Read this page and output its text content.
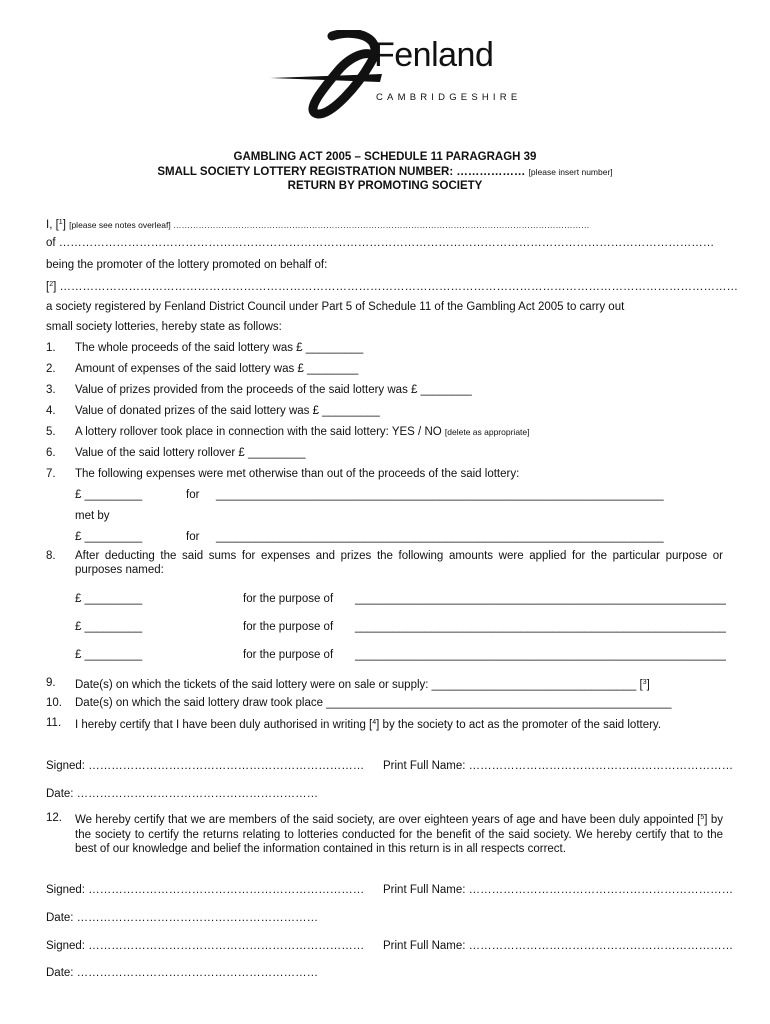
Fenland
CAMBRIDGESHIRE
GAMBLING ACT 2005 – SCHEDULE 11 PARAGRAGH 39
SMALL SOCIETY LOTTERY REGISTRATION NUMBER: ……………… [please insert number]
RETURN BY PROMOTING SOCIETY
I, [$^1$] [please see notes overleaf] …………………………………………………………………………………………………………………………………
of ………………………………………………………………………………………………………………………………………………………
being the promoter of the lottery promoted on behalf of:
[$^2$] ……………………………………………………………………………………………………………………………………………………………
a society registered by Fenland District Council under Part 5 of Schedule 11 of the Gambling Act 2005 to carry out
small society lotteries, hereby state as follows:
1. The whole proceeds of the said lottery was £ _________
2. Amount of expenses of the said lottery was £ ________
3. Value of prizes provided from the proceeds of the said lottery was £ ________
4. Value of donated prizes of the said lottery was £ _________
5. A lottery rollover took place in connection with the said lottery: YES / NO [delete as appropriate]
6. Value of the said lottery rollover £ _________
7. The following expenses were met otherwise than out of the proceeds of the said lottery:
£ _________	for ______________________________________________________________________
met by
£ _________	for ______________________________________________________________________
8. After deducting the said sums for expenses and prizes the following amounts were applied for the particular purpose or purposes named:
£ _________	for the purpose of __________________________________________________________
£ _________	for the purpose of __________________________________________________________
£ _________	for the purpose of __________________________________________________________
9. Date(s) on which the tickets of the said lottery were on sale or supply: ________________________________ [$^3$]
10. Date(s) on which the said lottery draw took place ______________________________________________________
11. I hereby certify that I have been duly authorised in writing [$^4$] by the society to act as the promoter of the said lottery.
Signed: ……………………………………………………………… Print Full Name: ……………………………………………………………
Date: ………………………………………………………
12. We hereby certify that we are members of the said society, are over eighteen years of age and have been duly appointed [$^5$] by the society to certify the returns relating to lotteries conducted for the benefit of the said society. We hereby certify that to the best of our knowledge and belief the information contained in this return is in all respects correct.
Signed: ……………………………………………………………… Print Full Name: ……………………………………………………………
Date: ………………………………………………………
Signed: ……………………………………………………………… Print Full Name: ……………………………………………………………
Date: ………………………………………………………
